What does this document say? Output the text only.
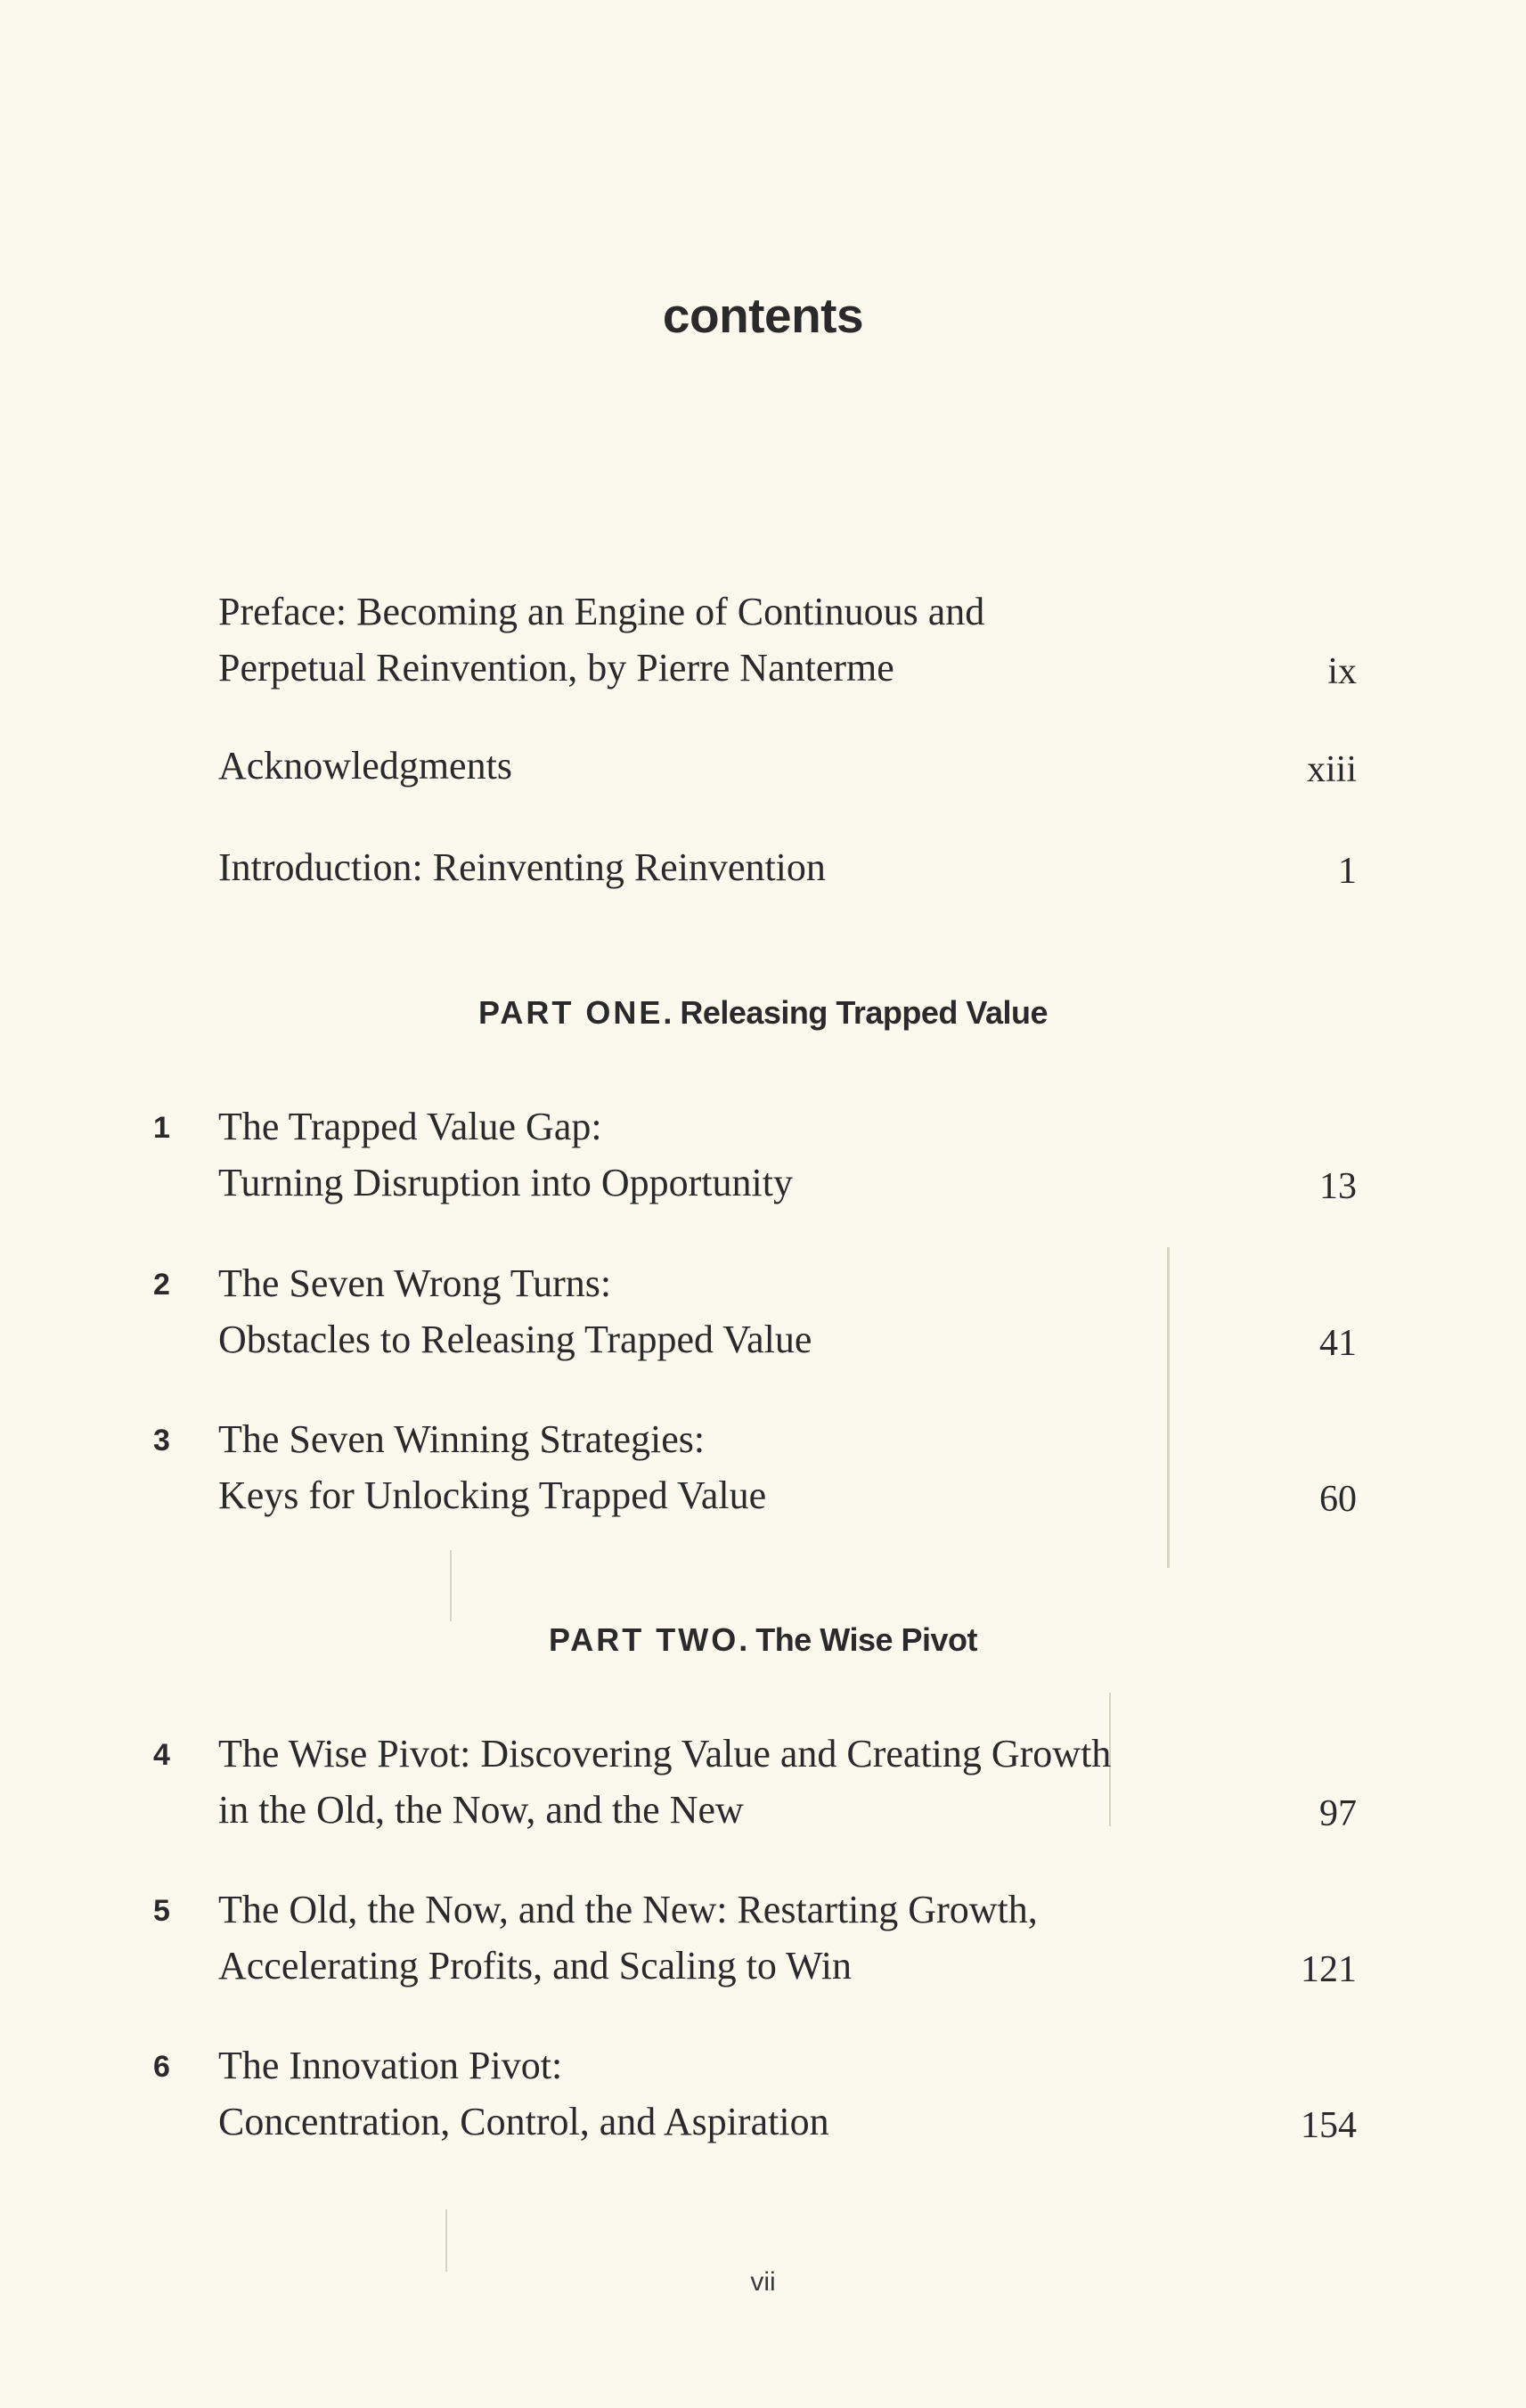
contents
Preface: Becoming an Engine of Continuous and
Perpetual Reinvention, by Pierre Nanterme	ix
Acknowledgments	xiii
Introduction: Reinventing Reinvention	1
PART ONE. Releasing Trapped Value
1	The Trapped Value Gap:
Turning Disruption into Opportunity	13
2	The Seven Wrong Turns:
Obstacles to Releasing Trapped Value	41
3	The Seven Winning Strategies:
Keys for Unlocking Trapped Value	60
PART TWO. The Wise Pivot
4	The Wise Pivot: Discovering Value and Creating Growth
in the Old, the Now, and the New	97
5	The Old, the Now, and the New: Restarting Growth,
Accelerating Profits, and Scaling to Win	121
6	The Innovation Pivot:
Concentration, Control, and Aspiration	154
vii
